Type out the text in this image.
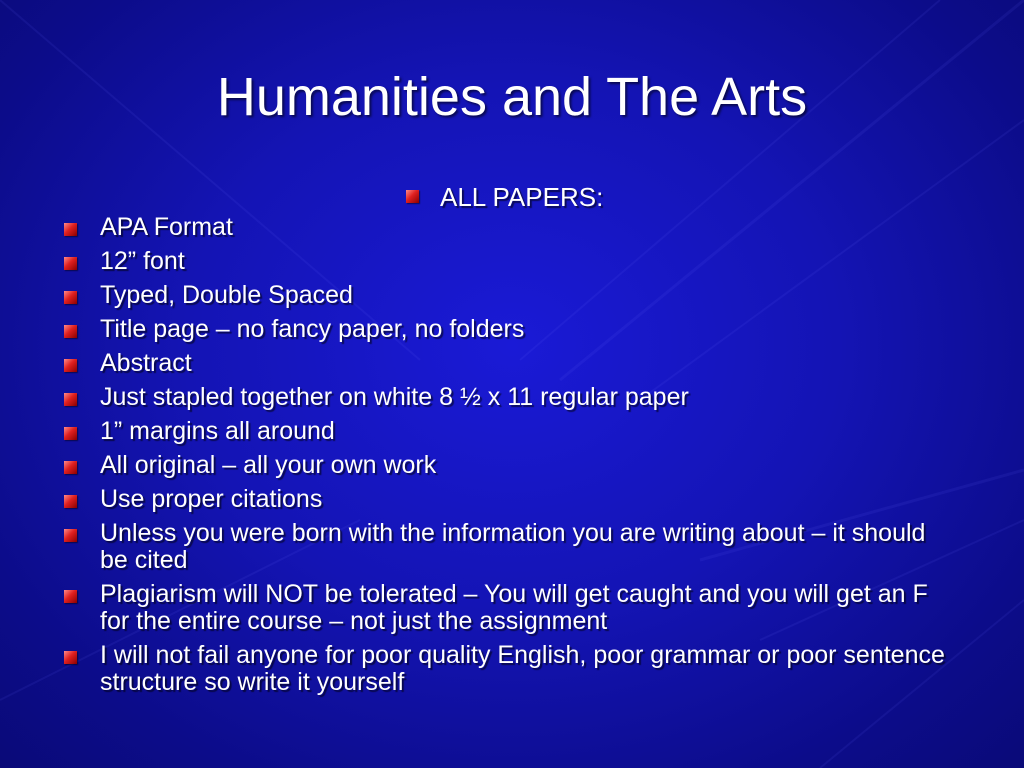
Humanities and The Arts
ALL PAPERS:
APA Format
12” font
Typed, Double Spaced
Title page – no fancy paper, no folders
Abstract
Just stapled together on white 8 ½ x 11 regular paper
1” margins all around
All original – all your own work
Use proper citations
Unless you were born with the information you are writing about – it should be cited
Plagiarism will NOT be tolerated – You will get caught and you will get an F for the entire course – not just the assignment
I will not fail anyone for poor quality English, poor grammar or poor sentence structure so write it yourself
